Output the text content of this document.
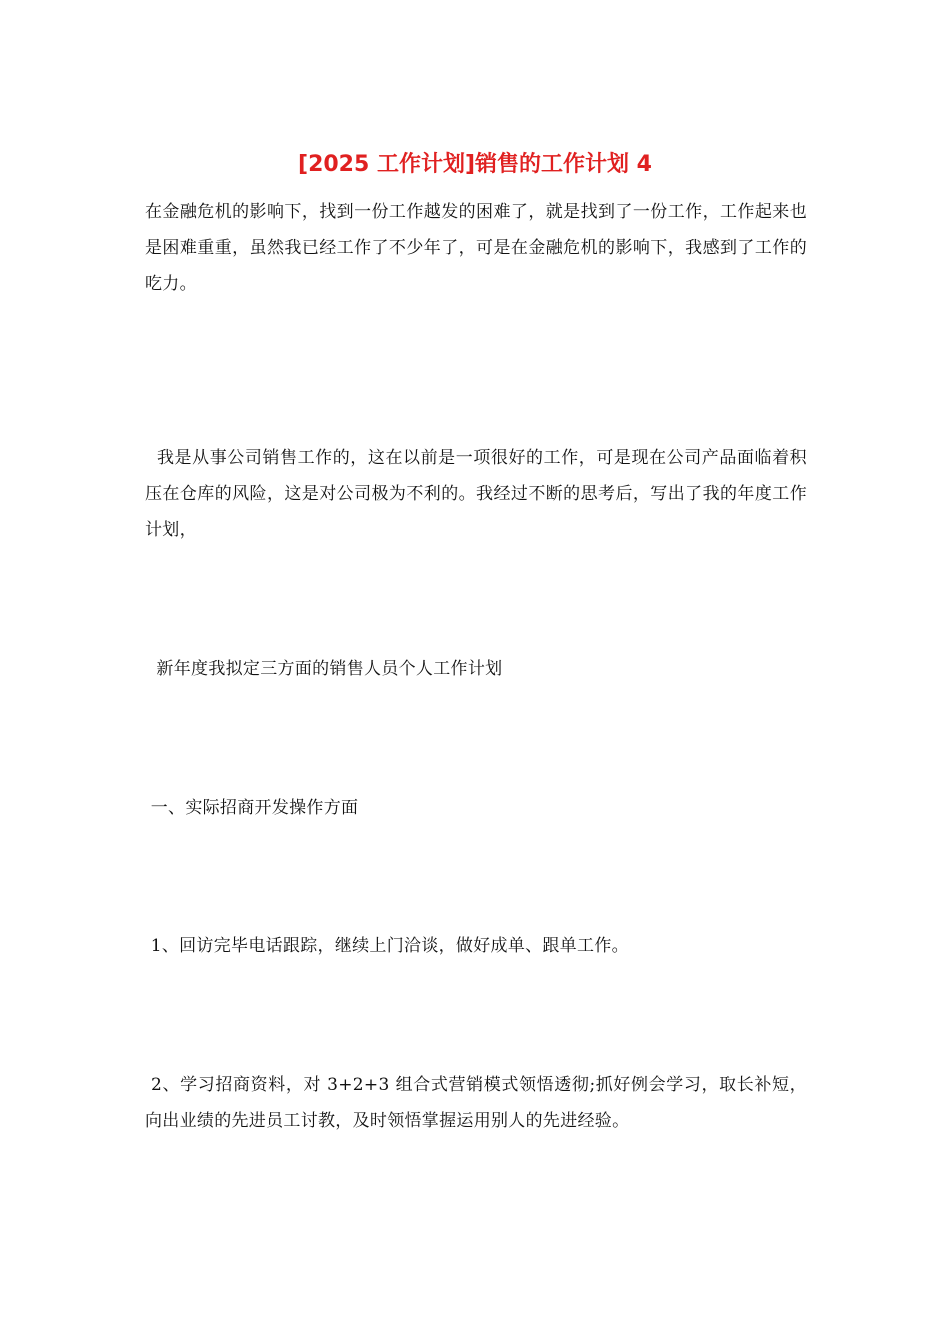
[2025 工作计划]销售的工作计划 4

在金融危机的影响下，找到一份工作越发的困难了，就是找到了一份工作，工作起来也是困难重重，虽然我已经工作了不少年了，可是在金融危机的影响下，我感到了工作的吃力。

我是从事公司销售工作的，这在以前是一项很好的工作，可是现在公司产品面临着积压在仓库的风险，这是对公司极为不利的。我经过不断的思考后，写出了我的年度工作计划，

新年度我拟定三方面的销售人员个人工作计划

一、实际招商开发操作方面

1、回访完毕电话跟踪，继续上门洽谈，做好成单、跟单工作。

2、学习招商资料，对 3+2+3 组合式营销模式领悟透彻;抓好例会学习，取长补短，向出业绩的先进员工讨教，及时领悟掌握运用别人的先进经验。
